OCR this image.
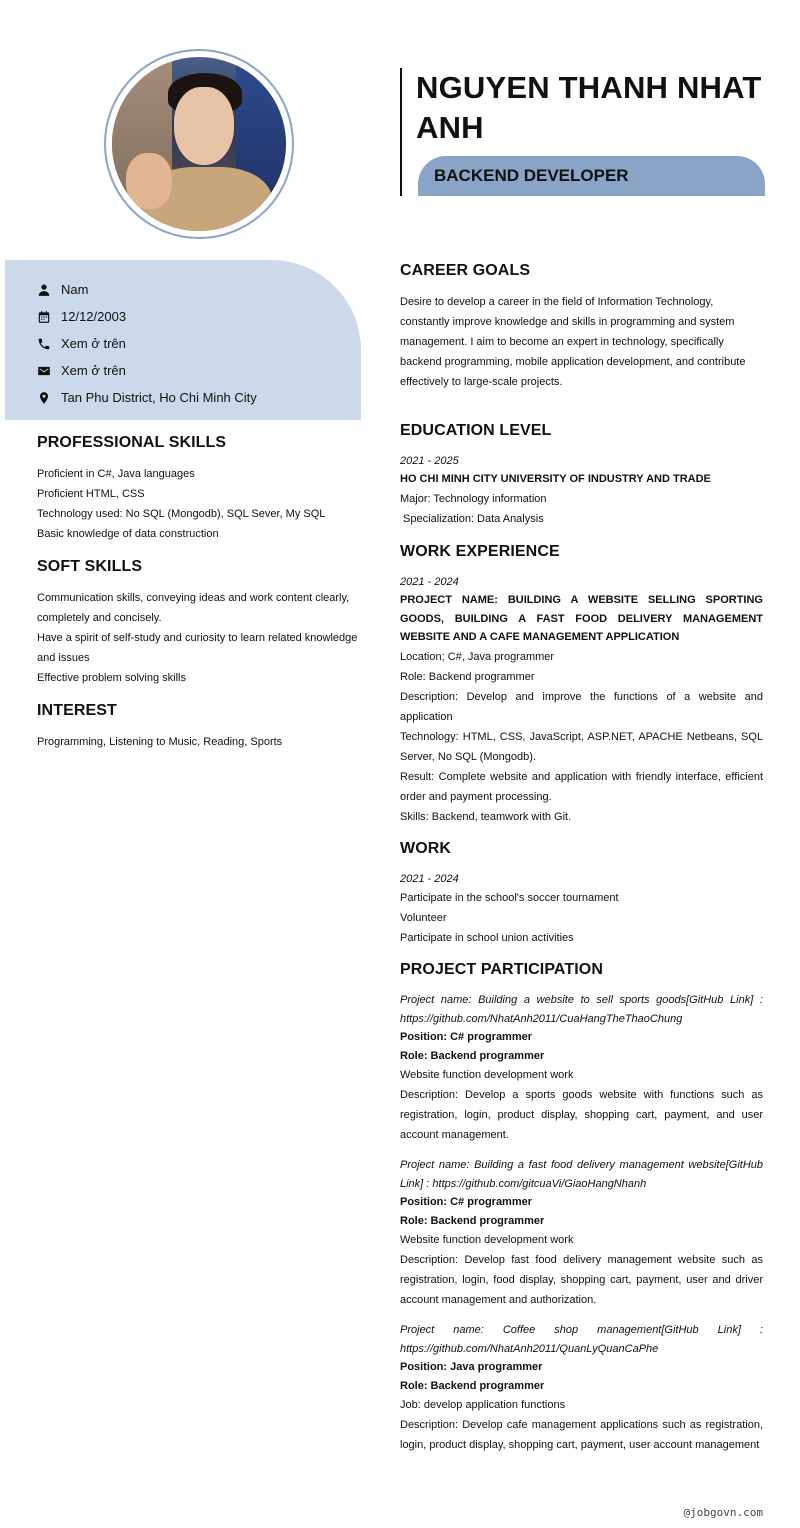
Nam
12/12/2003
Xem ở trên
Xem ở trên
Tan Phu District, Ho Chi Minh City
PROFESSIONAL SKILLS
Proficient in C#, Java languages
Proficient HTML, CSS
Technology used: No SQL (Mongodb), SQL Sever, My SQL
Basic knowledge of data construction
SOFT SKILLS
Communication skills, conveying ideas and work content clearly, completely and concisely.
Have a spirit of self-study and curiosity to learn related knowledge and issues
Effective problem solving skills
INTEREST
Programming, Listening to Music, Reading, Sports
NGUYEN THANH NHAT ANH
BACKEND DEVELOPER
CAREER GOALS
Desire to develop a career in the field of Information Technology, constantly improve knowledge and skills in programming and system management. I aim to become an expert in technology, specifically backend programming, mobile application development, and contribute effectively to large-scale projects.
EDUCATION LEVEL
2021 - 2025
HO CHI MINH CITY UNIVERSITY OF INDUSTRY AND TRADE
Major: Technology information
Specialization: Data Analysis
WORK EXPERIENCE
2021 - 2024
PROJECT NAME: BUILDING A WEBSITE SELLING SPORTING GOODS, BUILDING A FAST FOOD DELIVERY MANAGEMENT WEBSITE AND A CAFE MANAGEMENT APPLICATION
Location; C#, Java programmer
Role: Backend programmer
Description: Develop and improve the functions of a website and application
Technology: HTML, CSS, JavaScript, ASP.NET, APACHE Netbeans, SQL Server, No SQL (Mongodb).
Result: Complete website and application with friendly interface, efficient order and payment processing.
Skills: Backend, teamwork with Git.
WORK
2021 - 2024
Participate in the school's soccer tournament
Volunteer
Participate in school union activities
PROJECT PARTICIPATION
Project name: Building a website to sell sports goods[GitHub Link] : https://github.com/NhatAnh2011/CuaHangTheThaoChung
Position: C# programmer
Role: Backend programmer
Website function development work
Description: Develop a sports goods website with functions such as registration, login, product display, shopping cart, payment, and user account management.
Project name: Building a fast food delivery management website[GitHub Link] : https://github.com/gitcuaVi/GiaoHangNhanh
Position: C# programmer
Role: Backend programmer
Website function development work
Description: Develop fast food delivery management website such as registration, login, food display, shopping cart, payment, user and driver account management and authorization.
Project name: Coffee shop management[GitHub Link] : https://github.com/NhatAnh2011/QuanLyQuanCaPhe
Position: Java programmer
Role: Backend programmer
Job: develop application functions
Description: Develop cafe management applications such as registration, login, product display, shopping cart, payment, user account management
@jobgovn.com
